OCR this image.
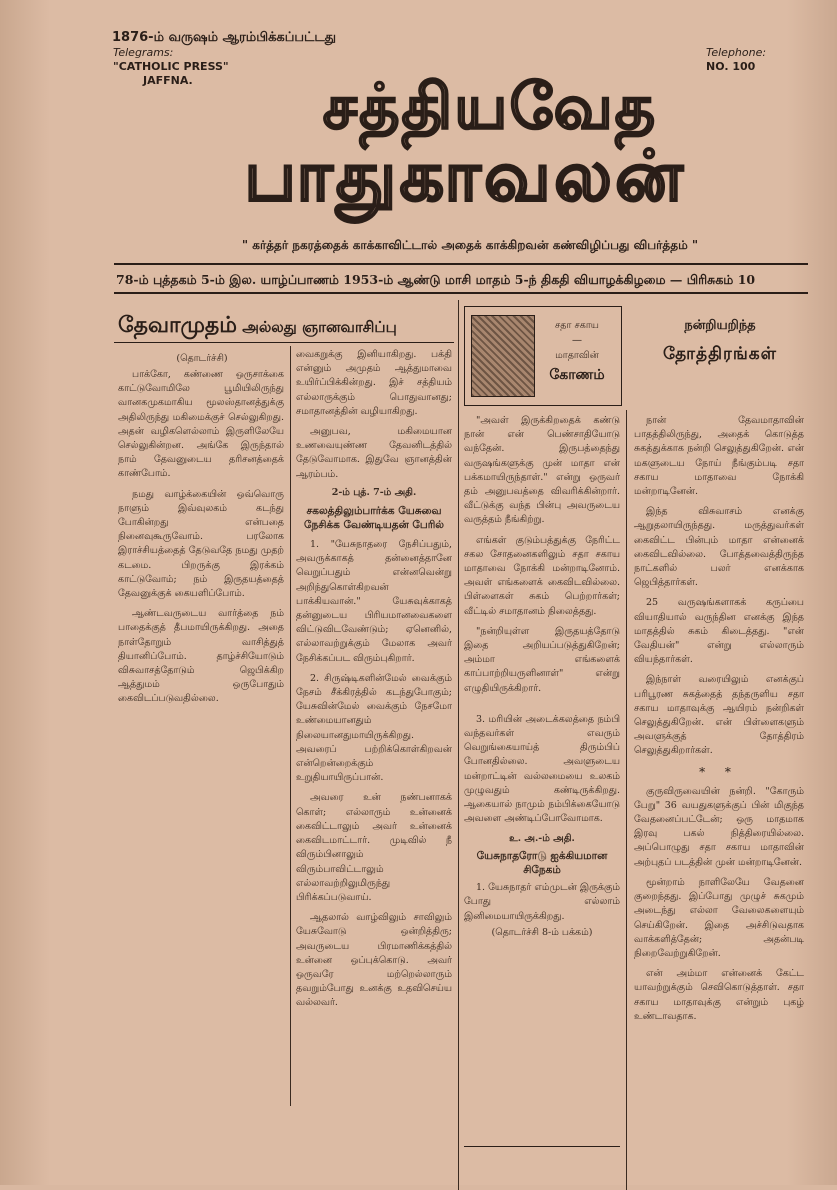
1876-ம் வருஷம் ஆரம்பிக்கப்பட்டது
Telegrams:
"CATHOLIC PRESS"
JAFFNA.
Telephone:
NO. 100
சத்தியவேத
பாதுகாவலன்
" கர்த்தர் நகரத்தைக் காக்காவிட்டால் அதைக் காக்கிறவன் கண்விழிப்பது விபர்த்தம் "
78-ம் புத்தகம் 5-ம் இல. யாழ்ப்பாணம் 1953-ம் ஆண்டு மாசி மாதம் 5-ந் திகதி வியாழக்கிழமை — பிரிசுகம் 10
தேவாமுதம் அல்லது ஞானவாசிப்பு
(தொடர்ச்சி)

பாக்கோ, கண்ணை ஒருசாக்கை காட்டுவோமிலே பூமியிலிருந்து வானகமுகமாகிய மூலஸ்தானத்துக்கு அதிலிருந்து மகிமைக்குச் செல்லுகிறது. அதன் வழிகளெல்லாம் இருளிலேயே செல்லுகின்றன. அங்கே இருந்தால் நாம் தேவனுடைய தரிசனத்தைக் காண்போம்.

நமது வாழ்க்கையின் ஒவ்வொரு நாளும் இவ்வுலகம் கடந்து போகின்றது என்பதை நினைவுகூருவோம். பரலோக இராச்சியத்தைத் தேடுவதே நமது முதற் கடமை. பிறருக்கு இரக்கம் காட்டுவோம்; நம் இருதயத்தைத் தேவனுக்குக் கையளிப்போம்.

ஆண்டவருடைய வார்த்தை நம் பாதைக்குத் தீபமாயிருக்கிறது. அதை நாள்தோறும் வாசித்துத் தியானிப்போம். தாழ்ச்சியோடும் விசுவாசத்தோடும் ஜெபிக்கிற ஆத்துமம் ஒருபோதும் கைவிடப்படுவதில்லை.

வைகறுக்கு இனியாகிறது. பக்தி என்னும் அமுதம் ஆத்துமாவை உயிர்ப்பிக்கின்றது. இச் சத்தியம் எல்லாருக்கும் பொதுவானது; சமாதானத்தின் வழியாகிறது.

அனுபவ, மகிமையான உணவையுண்ண தேவனிடத்தில் தேடுவோமாக. இதுவே ஞானத்தின் ஆரம்பம்.

2-ம் புத். 7-ம் அதி.
சகலத்திலும்பார்க்க யேசுவை நேசிக்க வேண்டியதன் பேரில்

1. "யேசுநாதரை நேசிப்பதும், அவருக்காகத் தன்னைத்தானே வெறுப்பதும் என்னவென்று அறிந்துகொள்கிறவன் பாக்கியவான்." யேசுவுக்காகத் தன்னுடைய பிரியமானவைகளை விட்டுவிடவேண்டும்; ஏனெனில், எல்லாவற்றுக்கும் மேலாக அவர் நேசிக்கப்பட விரும்புகிறார்.

2. சிருஷ்டிகளின்மேல் வைக்கும் நேசம் சீக்கிரத்தில் கடந்துபோகும்; யேசுவின்மேல் வைக்கும் நேசமோ உண்மையானதும் நிலையானதுமாயிருக்கிறது. அவரைப் பற்றிக்கொள்கிறவன் என்றென்றைக்கும் உறுதியாயிருப்பான்.

அவரை உன் நண்பனாகக் கொள்; எல்லாரும் உன்னைக் கைவிட்டாலும் அவர் உன்னைக் கைவிடமாட்டார். முடிவில் நீ விரும்பினாலும் விரும்பாவிட்டாலும் எல்லாவற்றிலுமிருந்து பிரிக்கப்படுவாய்.

ஆதலால் வாழ்விலும் சாவிலும் யேசுவோடு ஒன்றித்திரு; அவருடைய பிரமாணிக்கத்தில் உன்னை ஒப்புக்கொடு. அவர் ஒருவரே மற்றெல்லாரும் தவறும்போது உனக்கு உதவிசெய்ய வல்லவர்.

சதா சகாய
—
மாதாவின்
கோணம்

"அவள் இருக்கிறதைக் கண்டு நான் என் பெண்சாதியோடு வந்தேன். இருபத்தைந்து வருஷங்களுக்கு முன் மாதா என் பக்கமாயிருந்தாள்." என்று ஒருவர் தம் அனுபவத்தை விவரிக்கின்றார். வீட்டுக்கு வந்த பின்பு அவருடைய வருத்தம் நீங்கிற்று.

எங்கள் குடும்பத்துக்கு நேரிட்ட சகல சோதனைகளிலும் சதா சகாய மாதாவை நோக்கி மன்றாடினோம். அவள் எங்களைக் கைவிடவில்லை. பிள்ளைகள் சுகம் பெற்றார்கள்; வீட்டில் சமாதானம் நிலைத்தது.

"நன்றியுள்ள இருதயத்தோடு இதை அறியப்படுத்துகிறேன்; அம்மா எங்களைக் காப்பாற்றியருளினாள்" என்று எழுதியிருக்கிறார்.

3. மரியின் அடைக்கலத்தை நம்பி வந்தவர்கள் எவரும் வெறுங்கையாய்த் திரும்பிப் போனதில்லை. அவளுடைய மன்றாட்டின் வல்லமையை உலகம் முழுவதும் கண்டிருக்கிறது. ஆகையால் நாமும் நம்பிக்கையோடு அவளை அண்டிப்போவோமாக.

உ. அ.-ம் அதி.
யேசுநாதரோடு ஐக்கியமான சிநேகம்

1. யேசுநாதர் எம்முடன் இருக்கும் போது எல்லாம் இனிமையாயிருக்கிறது.

(தொடர்ச்சி 8-ம் பக்கம்)
நன்றியறிந்த
தோத்திரங்கள்

நான் தேவமாதாவின் பாதத்திலிருந்து, அதைக் கொடுத்த சுகத்துக்காக நன்றி செலுத்துகிறேன். என் மகளுடைய நோய் நீங்கும்படி சதா சகாய மாதாவை நோக்கி மன்றாடினேன்.

இந்த விசுவாசம் எனக்கு ஆறுதலாயிருந்தது. மருத்துவர்கள் கைவிட்ட பின்பும் மாதா என்னைக் கைவிடவில்லை. போத்தவைத்திருந்த நாட்களில் பலர் எனக்காக ஜெபித்தார்கள்.

25 வருஷங்களாகக் கருப்பை வியாதியால் வருந்தின எனக்கு இந்த மாதத்தில் சுகம் கிடைத்தது. "என் வேதியன்" என்று எல்லாரும் வியந்தார்கள்.

இந்நாள் வரையிலும் எனக்குப் பரிபூரண சுகத்தைத் தந்தருளிய சதா சகாய மாதாவுக்கு ஆயிரம் நன்றிகள் செலுத்துகிறேன். என் பிள்ளைகளும் அவளுக்குத் தோத்திரம் செலுத்துகிறார்கள்.

* *

குருவிருவையின் நன்றி. "கோரும் பேறு" 36 வயதுகளுக்குப் பின் மிகுந்த வேதனைப்பட்டேன்; ஒரு மாதமாக இரவு பகல் நித்திரையில்லை. அப்பொழுது சதா சகாய மாதாவின் அற்புதப் படத்தின் முன் மன்றாடினேன்.

மூன்றாம் நாளிலேயே வேதனை குறைந்தது. இப்போது முழுச் சுகமும் அடைந்து எல்லா வேலைகளையும் செய்கிறேன். இதை அச்சிடுவதாக வாக்களித்தேன்; அதன்படி நிறைவேற்றுகிறேன்.

என் அம்மா என்னைக் கேட்ட யாவற்றுக்கும் செவிகொடுத்தாள். சதா சகாய மாதாவுக்கு என்றும் புகழ் உண்டாவதாக.
